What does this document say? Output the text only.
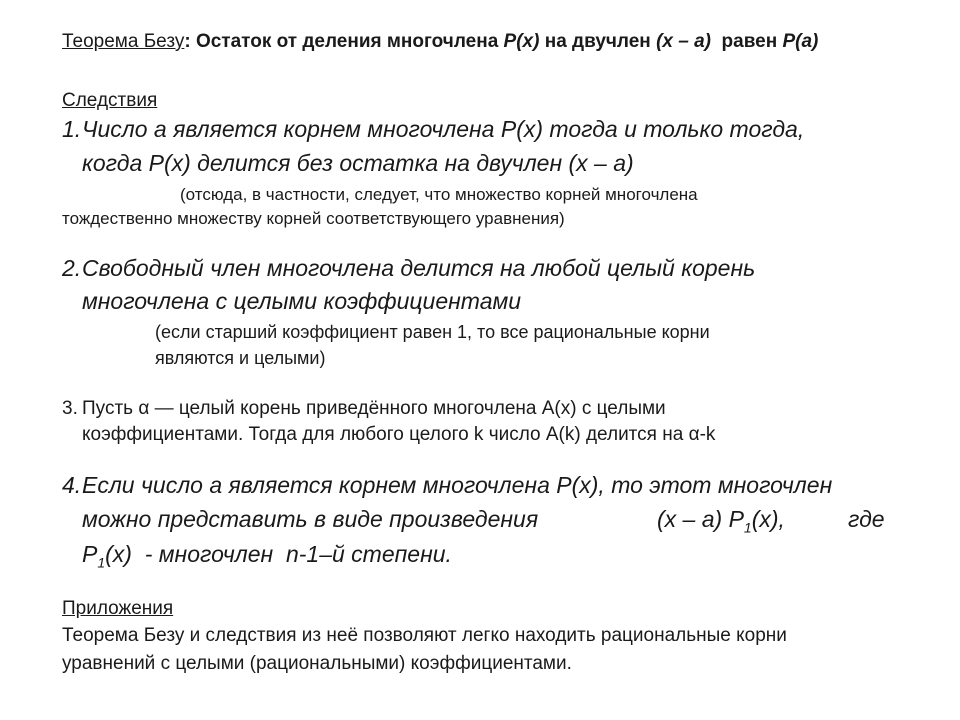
Теорема Безу: Остаток от деления многочлена P(x) на двучлен (x – a)  равен P(a)
Следствия
1.Число а является корнем многочлена P(x) тогда и только тогда,
когда P(x) делится без остатка на двучлен (x – a)
(отсюда, в частности, следует, что множество корней многочлена
тождественно множеству корней соответствующего уравнения)
2.Свободный член многочлена делится на любой целый корень
многочлена с целыми коэффициентами
(если старший коэффициент равен 1, то все рациональные корни
являются и целыми)
3. Пусть α — целый корень приведённого многочлена A(x) с целыми
коэффициентами. Тогда для любого целого k число A(k) делится на α-k
4.Если число а является корнем многочлена P(x), то этот многочлен
можно представить в виде произведения	(x – a) $P_1(x)$,	где
$P_1(x)$  - многочлен  n-1–й степени.
Приложения
Теорема Безу и следствия из неё позволяют легко находить рациональные корни
уравнений с целыми (рациональными) коэффициентами.
